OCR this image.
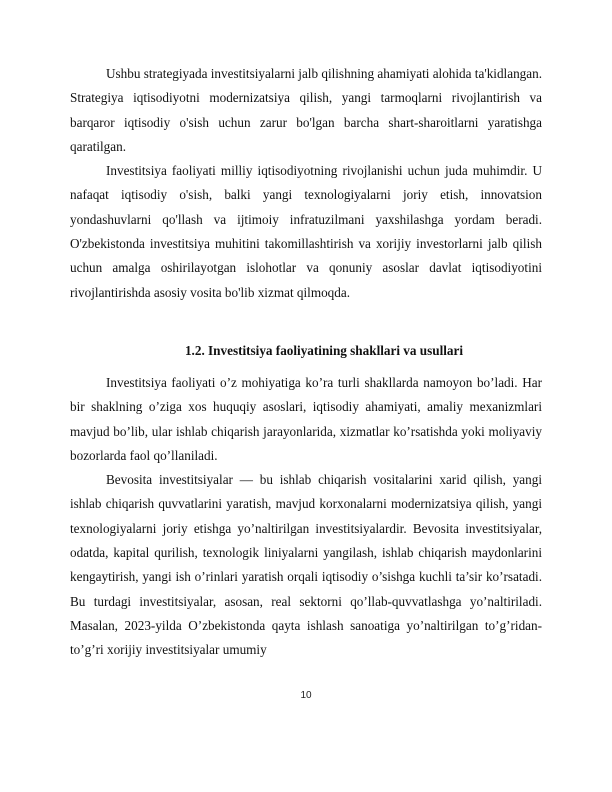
Ushbu strategiyada investitsiyalarni jalb qilishning ahamiyati alohida ta'kidlangan. Strategiya iqtisodiyotni modernizatsiya qilish, yangi tarmoqlarni rivojlantirish va barqaror iqtisodiy o'sish uchun zarur bo'lgan barcha shart-sharoitlarni yaratishga qaratilgan.

Investitsiya faoliyati milliy iqtisodiyotning rivojlanishi uchun juda muhimdir. U nafaqat iqtisodiy o'sish, balki yangi texnologiyalarni joriy etish, innovatsion yondashuvlarni qo'llash va ijtimoiy infratuzilmani yaxshilashga yordam beradi. O'zbekistonda investitsiya muhitini takomillashtirish va xorijiy investorlarni jalb qilish uchun amalga oshirilayotgan islohotlar va qonuniy asoslar davlat iqtisodiyotini rivojlantirishda asosiy vosita bo'lib xizmat qilmoqda.

1.2. Investitsiya faoliyatining shakllari va usullari

Investitsiya faoliyati o’z mohiyatiga ko’ra turli shakllarda namoyon bo’ladi. Har bir shaklning o’ziga xos huquqiy asoslari, iqtisodiy ahamiyati, amaliy mexanizmlari mavjud bo’lib, ular ishlab chiqarish jarayonlarida, xizmatlar ko’rsatishda yoki moliyaviy bozorlarda faol qo’llaniladi.

Bevosita investitsiyalar — bu ishlab chiqarish vositalarini xarid qilish, yangi ishlab chiqarish quvvatlarini yaratish, mavjud korxonalarni modernizatsiya qilish, yangi texnologiyalarni joriy etishga yo’naltirilgan investitsiyalardir. Bevosita investitsiyalar, odatda, kapital qurilish, texnologik liniyalarni yangilash, ishlab chiqarish maydonlarini kengaytirish, yangi ish o’rinlari yaratish orqali iqtisodiy o’sishga kuchli ta’sir ko’rsatadi. Bu turdagi investitsiyalar, asosan, real sektorni qo’llab-quvvatlashga yo’naltiriladi. Masalan, 2023-yilda O’zbekistonda qayta ishlash sanoatiga yo’naltirilgan to’g’ridan-to’g’ri xorijiy investitsiyalar umumiy

10
